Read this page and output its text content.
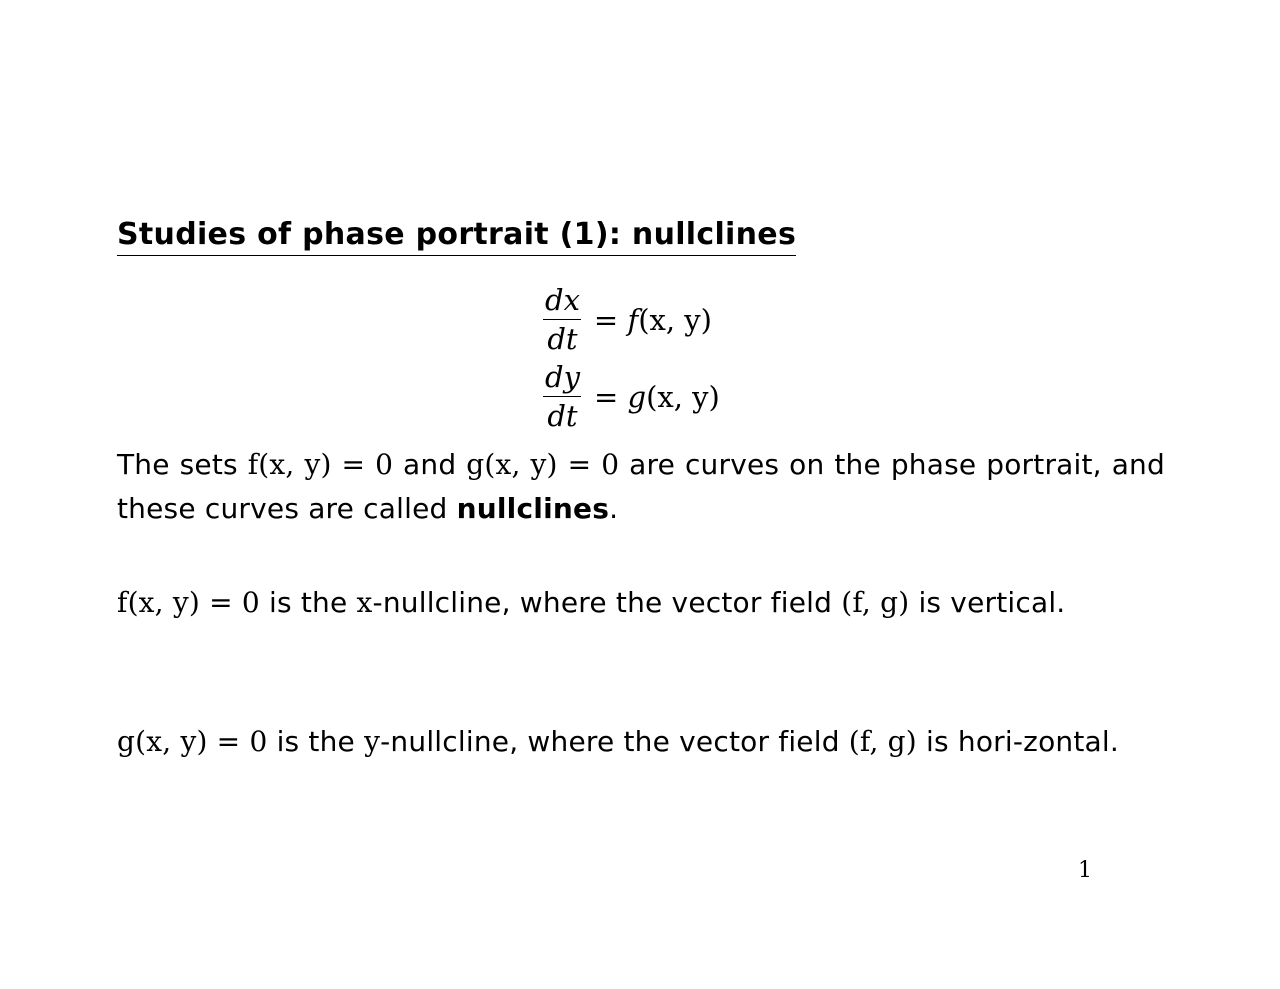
Studies of phase portrait (1): nullclines
$\frac{dx}{dt} = f(x$, y)
$\frac{dy}{dt} = g(x$, y)

The sets f(x, y) = 0 and g(x, y) = 0 are curves on the phase portrait, and these curves are called nullclines.

f(x, y) = 0 is the x-nullcline, where the vector field (f, g) is vertical.

g(x, y) = 0 is the y-nullcline, where the vector field (f, g) is hori-zontal.

1
